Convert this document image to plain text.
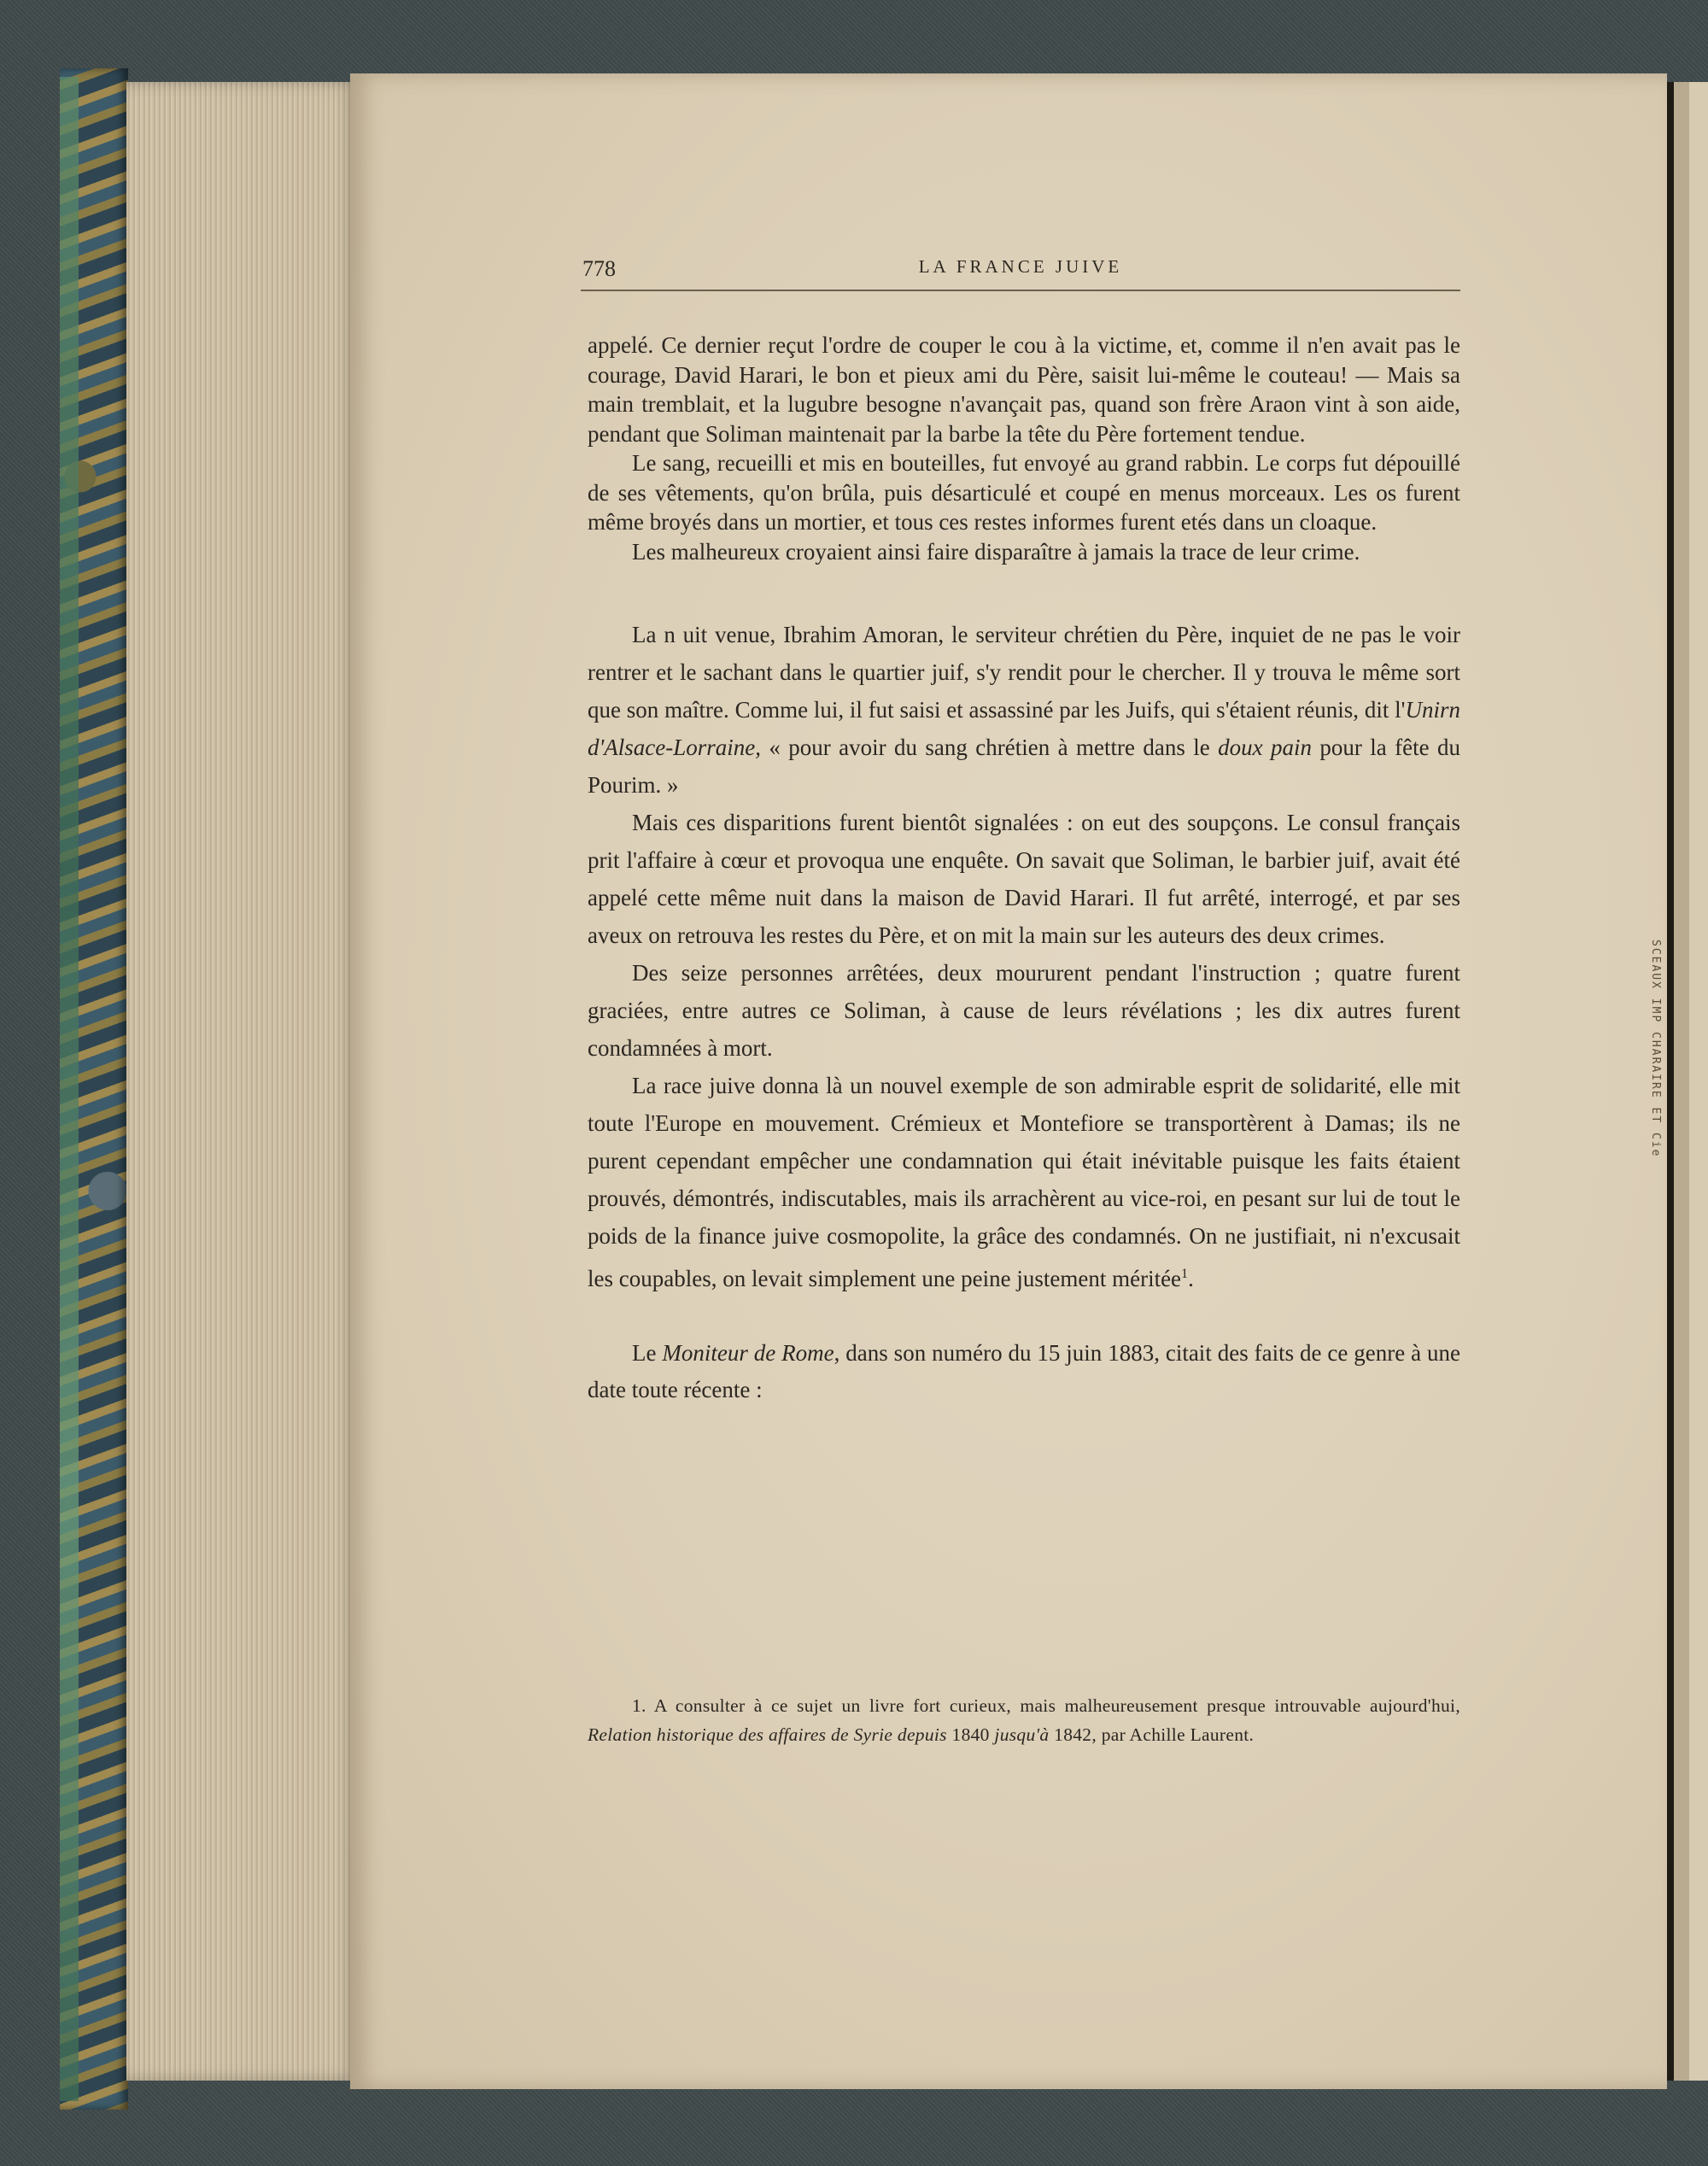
SCEAUX IMP CHARAIRE ET Cie
778	LA FRANCE JUIVE

appelé. Ce dernier reçut l'ordre de couper le cou à la victime, et, comme il n'en avait pas le courage, David Harari, le bon et pieux ami du Père, saisit lui-même le couteau! — Mais sa main tremblait, et la lugubre besogne n'avançait pas, quand son frère Araon vint à son aide, pendant que Soliman maintenait par la barbe la tête du Père fortement tendue.

Le sang, recueilli et mis en bouteilles, fut envoyé au grand rabbin. Le corps fut dépouillé de ses vêtements, qu'on brûla, puis désarticulé et coupé en menus morceaux. Les os furent même broyés dans un mortier, et tous ces restes informes furent etés dans un cloaque.

Les malheureux croyaient ainsi faire disparaître à jamais la trace de leur crime.

La n uit venue, Ibrahim Amoran, le serviteur chrétien du Père, inquiet de ne pas le voir rentrer et le sachant dans le quartier juif, s'y rendit pour le chercher. Il y trouva le même sort que son maître. Comme lui, il fut saisi et assassiné par les Juifs, qui s'étaient réunis, dit l'Unirn d'Alsace-Lorraine, « pour avoir du sang chrétien à mettre dans le doux pain pour la fête du Pourim. »

Mais ces disparitions furent bientôt signalées : on eut des soupçons. Le consul français prit l'affaire à cœur et provoqua une enquête. On savait que Soliman, le barbier juif, avait été appelé cette même nuit dans la maison de David Harari. Il fut arrêté, interrogé, et par ses aveux on retrouva les restes du Père, et on mit la main sur les auteurs des deux crimes.

Des seize personnes arrêtées, deux moururent pendant l'instruction ; quatre furent graciées, entre autres ce Soliman, à cause de leurs révélations ; les dix autres furent condamnées à mort.

La race juive donna là un nouvel exemple de son admirable esprit de solidarité, elle mit toute l'Europe en mouvement. Crémieux et Montefiore se transportèrent à Damas; ils ne purent cependant empêcher une condamnation qui était inévitable puisque les faits étaient prouvés, démontrés, indiscutables, mais ils arrachèrent au vice-roi, en pesant sur lui de tout le poids de la finance juive cosmopolite, la grâce des condamnés. On ne justifiait, ni n'excusait les coupables, on levait simplement une peine justement méritée$^1$.

Le Moniteur de Rome, dans son numéro du 15 juin 1883, citait des faits de ce genre à une date toute récente :

1. A consulter à ce sujet un livre fort curieux, mais malheureusement presque introuvable aujourd'hui, Relation historique des affaires de Syrie depuis 1840 jusqu'à 1842, par Achille Laurent.
